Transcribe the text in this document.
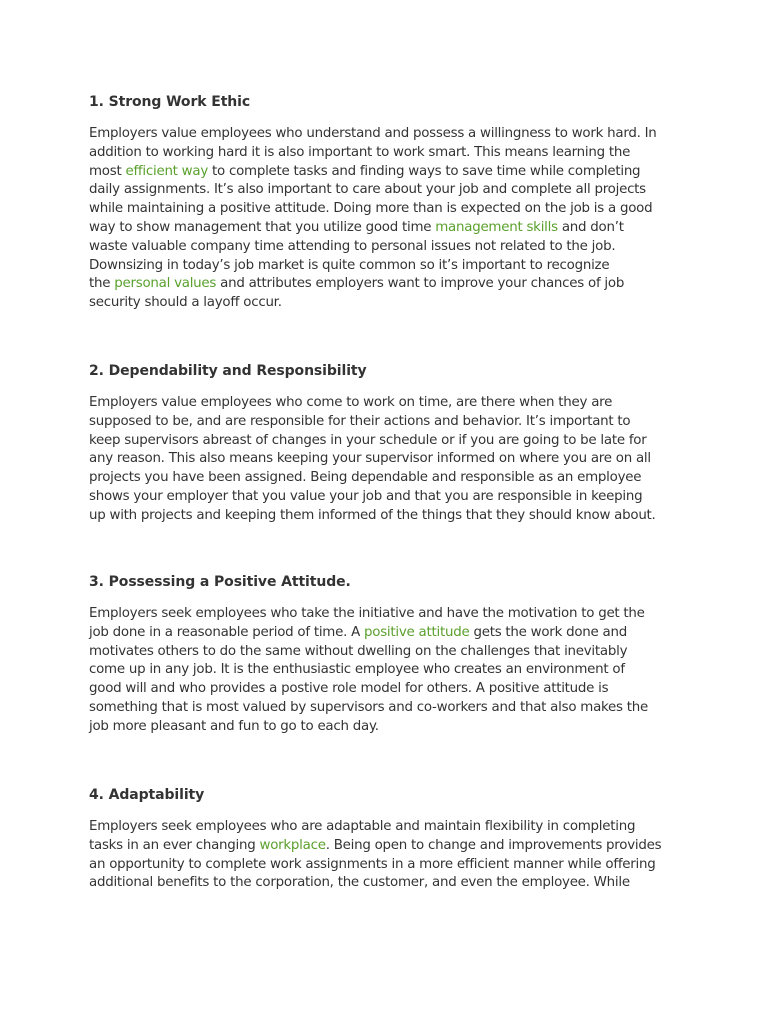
1. Strong Work Ethic

Employers value employees who understand and possess a willingness to work hard. In
addition to working hard it is also important to work smart. This means learning the
most efficient way to complete tasks and finding ways to save time while completing
daily assignments. It’s also important to care about your job and complete all projects
while maintaining a positive attitude. Doing more than is expected on the job is a good
way to show management that you utilize good time management skills and don’t
waste valuable company time attending to personal issues not related to the job.
Downsizing in today’s job market is quite common so it’s important to recognize
the personal values and attributes employers want to improve your chances of job
security should a layoff occur.

2. Dependability and Responsibility

Employers value employees who come to work on time, are there when they are
supposed to be, and are responsible for their actions and behavior. It’s important to
keep supervisors abreast of changes in your schedule or if you are going to be late for
any reason. This also means keeping your supervisor informed on where you are on all
projects you have been assigned. Being dependable and responsible as an employee
shows your employer that you value your job and that you are responsible in keeping
up with projects and keeping them informed of the things that they should know about.

3. Possessing a Positive Attitude.

Employers seek employees who take the initiative and have the motivation to get the
job done in a reasonable period of time. A positive attitude gets the work done and
motivates others to do the same without dwelling on the challenges that inevitably
come up in any job. It is the enthusiastic employee who creates an environment of
good will and who provides a postive role model for others. A positive attitude is
something that is most valued by supervisors and co-workers and that also makes the
job more pleasant and fun to go to each day.

4. Adaptability

Employers seek employees who are adaptable and maintain flexibility in completing
tasks in an ever changing workplace. Being open to change and improvements provides
an opportunity to complete work assignments in a more efficient manner while offering
additional benefits to the corporation, the customer, and even the employee. While
